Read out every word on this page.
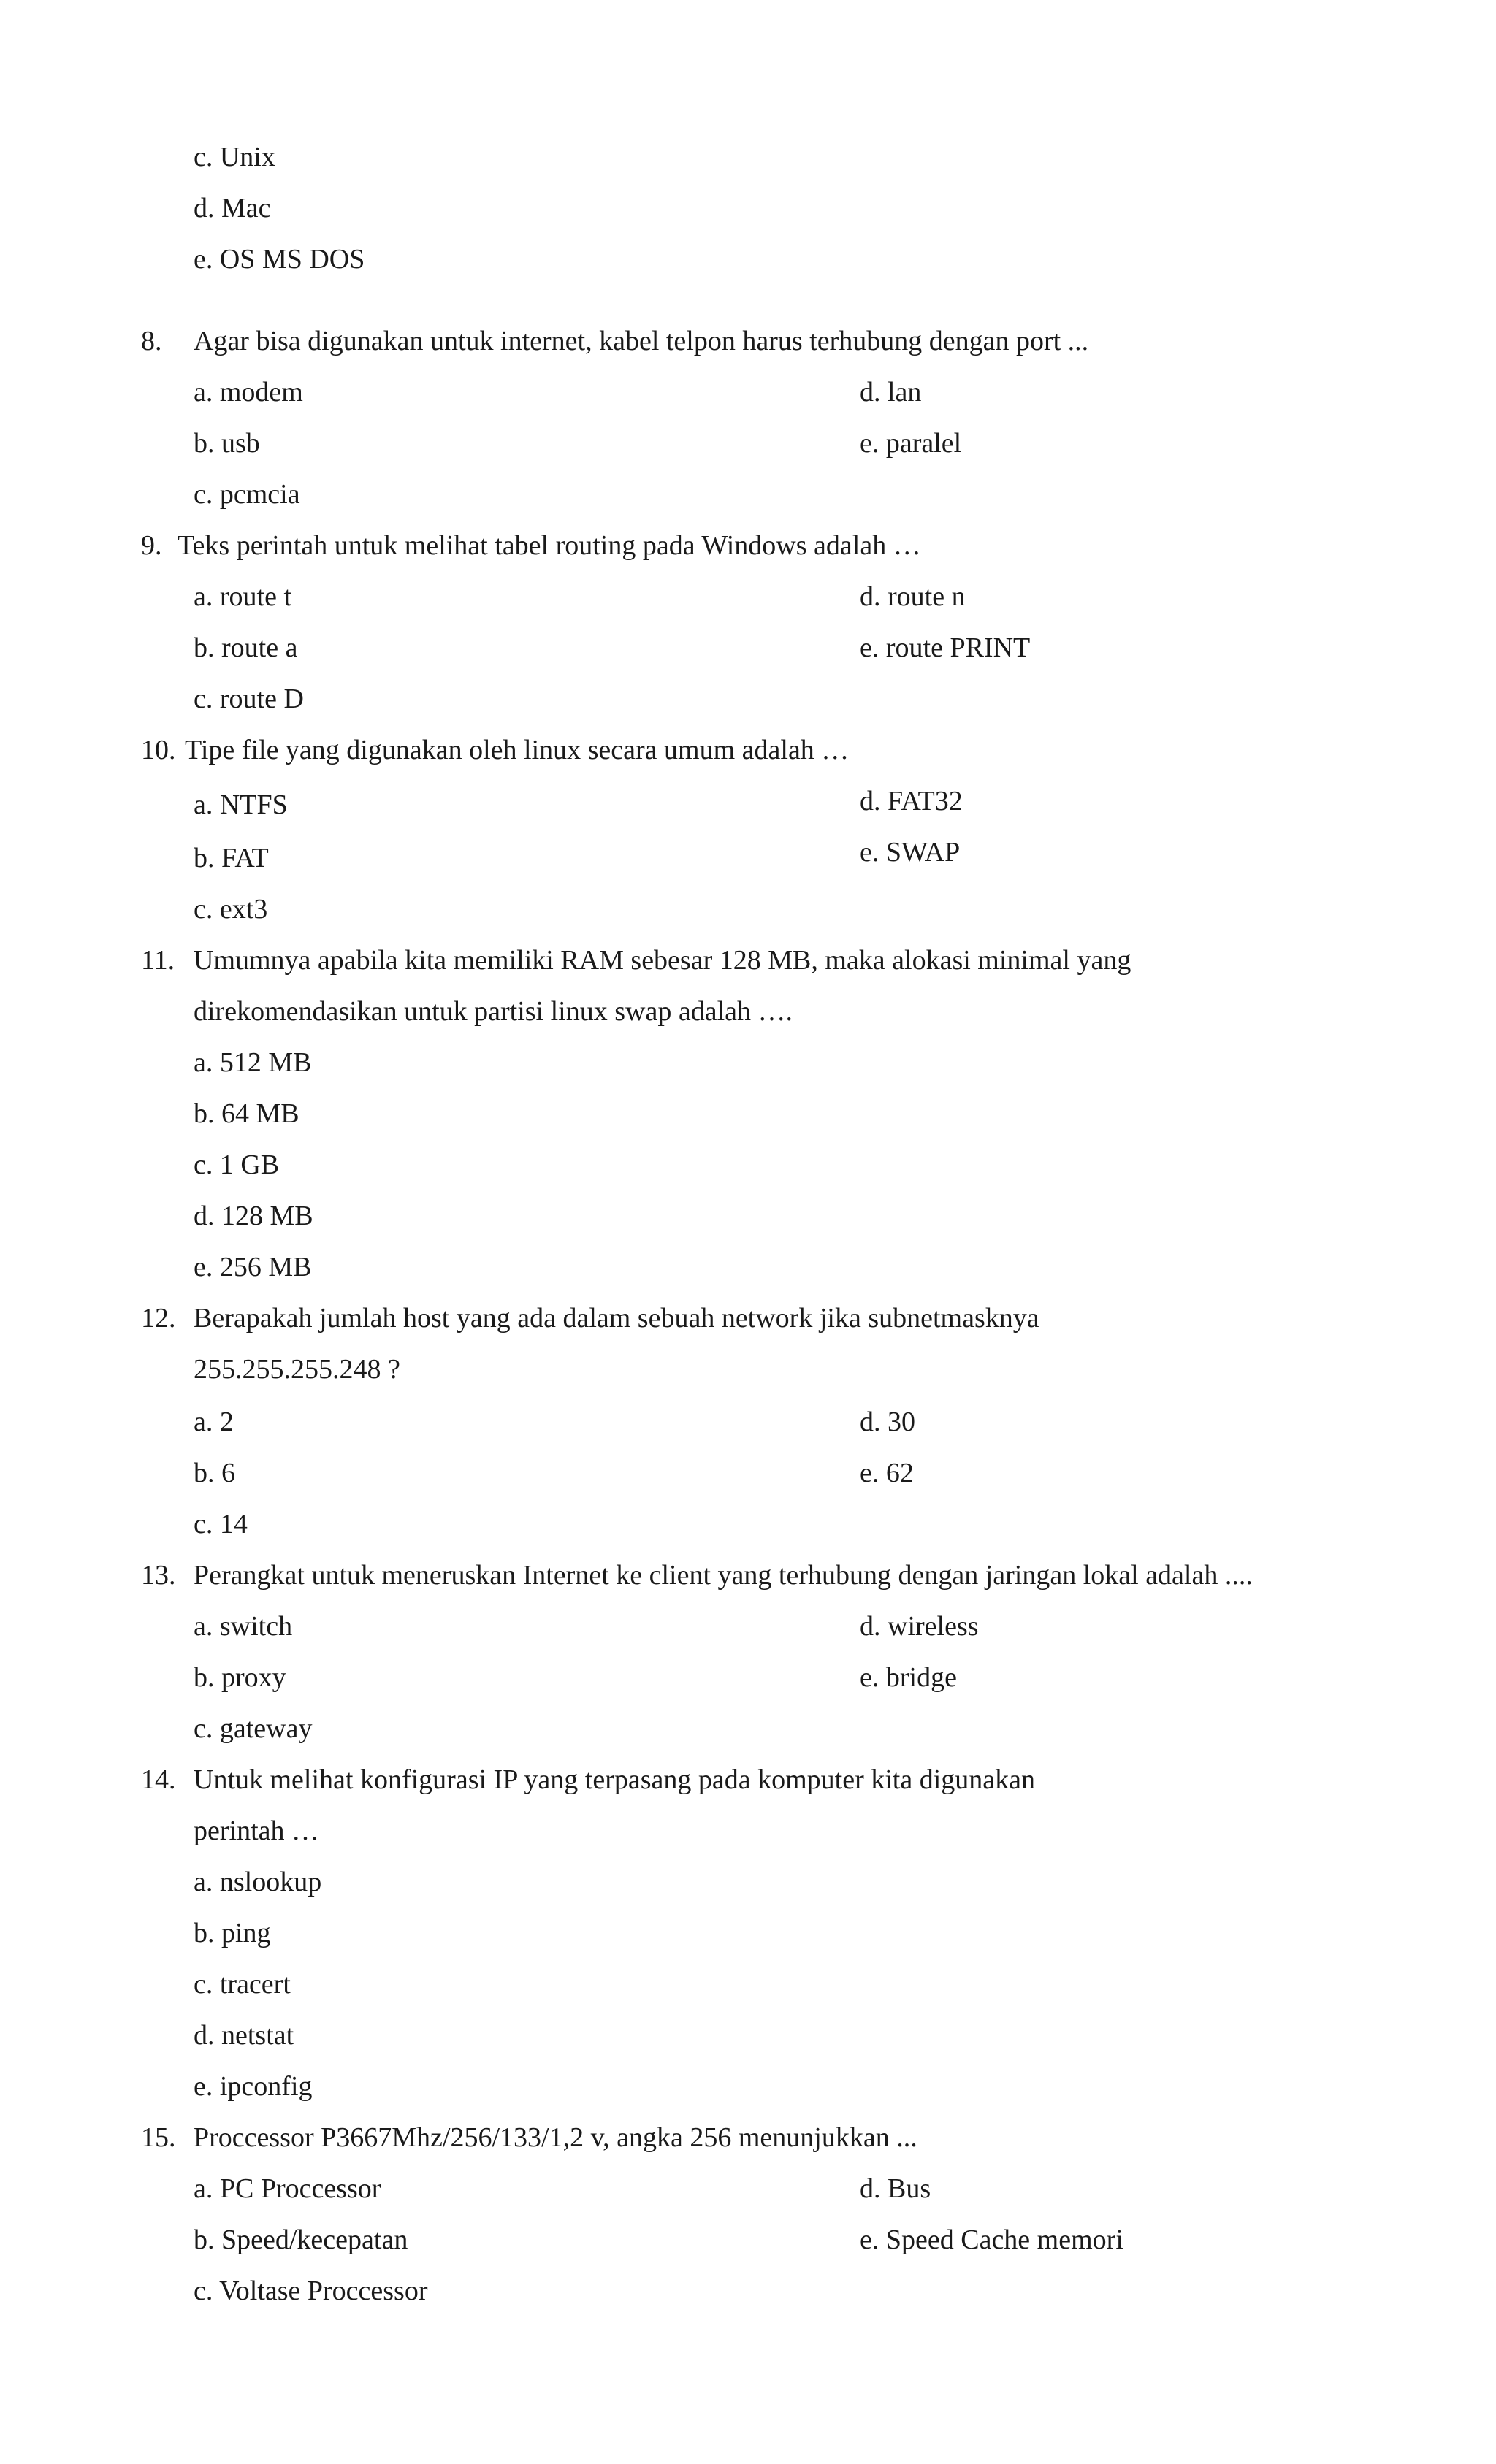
c. Unix
d. Mac
e. OS MS DOS
8. Agar bisa digunakan untuk internet, kabel telpon harus terhubung dengan port ...
a. modem	d. lan
b. usb	e. paralel
c. pcmcia
9. Teks perintah untuk melihat tabel routing pada Windows adalah …
a. route t	d. route n
b. route a	e. route PRINT
c. route D
10. Tipe file yang digunakan oleh linux secara umum adalah …
a. NTFS	d. FAT32
b. FAT	e. SWAP
c. ext3
11. Umumnya apabila kita memiliki RAM sebesar 128 MB, maka alokasi minimal yang
direkomendasikan untuk partisi linux swap adalah ….
a. 512 MB
b. 64 MB
c. 1 GB
d. 128 MB
e. 256 MB
12. Berapakah jumlah host yang ada dalam sebuah network jika subnetmasknya
255.255.255.248 ?
a. 2	d. 30
b. 6	e. 62
c. 14
13. Perangkat untuk meneruskan Internet ke client yang terhubung dengan jaringan lokal adalah ....
a. switch	d. wireless
b. proxy	e. bridge
c. gateway
14. Untuk melihat konfigurasi IP yang terpasang pada komputer kita digunakan
perintah …
a. nslookup
b. ping
c. tracert
d. netstat
e. ipconfig
15. Proccessor P3667Mhz/256/133/1,2 v, angka 256 menunjukkan ...
a. PC Proccessor	d. Bus
b. Speed/kecepatan	e. Speed Cache memori
c. Voltase Proccessor
